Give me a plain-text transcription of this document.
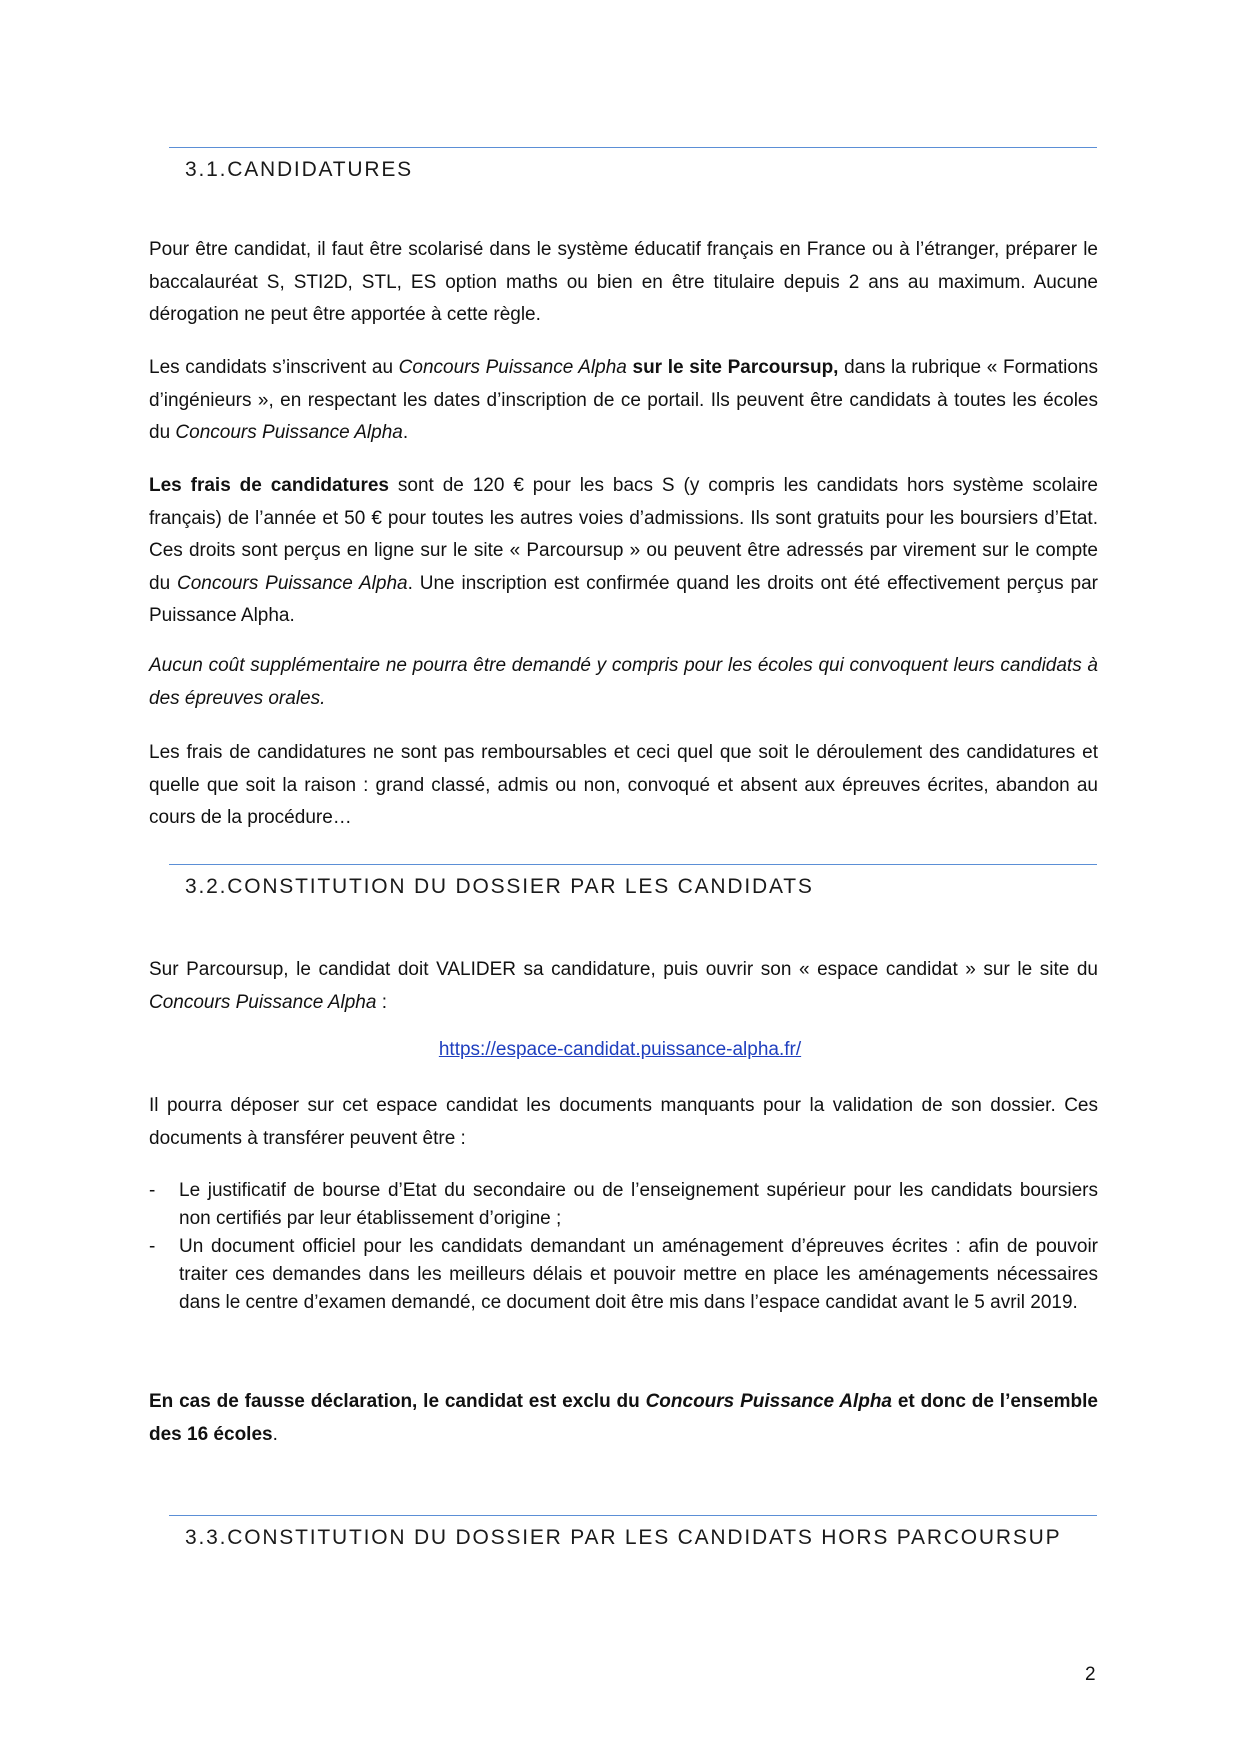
3.1.CANDIDATURES

Pour être candidat, il faut être scolarisé dans le système éducatif français en France ou à l’étranger, préparer le baccalauréat S, STI2D, STL, ES option maths ou bien en être titulaire depuis 2 ans au maximum. Aucune dérogation ne peut être apportée à cette règle.

Les candidats s’inscrivent au Concours Puissance Alpha sur le site Parcoursup, dans la rubrique « Formations d’ingénieurs », en respectant les dates d’inscription de ce portail. Ils peuvent être candidats à toutes les écoles du Concours Puissance Alpha.

Les frais de candidatures sont de 120 € pour les bacs S (y compris les candidats hors système scolaire français) de l’année et 50 € pour toutes les autres voies d’admissions. Ils sont gratuits pour les boursiers d’Etat. Ces droits sont perçus en ligne sur le site « Parcoursup » ou peuvent être adressés par virement sur le compte du Concours Puissance Alpha. Une inscription est confirmée quand les droits ont été effectivement perçus par Puissance Alpha.

Aucun coût supplémentaire ne pourra être demandé y compris pour les écoles qui convoquent leurs candidats à des épreuves orales.

Les frais de candidatures ne sont pas remboursables et ceci quel que soit le déroulement des candidatures et quelle que soit la raison : grand classé, admis ou non, convoqué et absent aux épreuves écrites, abandon au cours de la procédure…

3.2.CONSTITUTION DU DOSSIER PAR LES CANDIDATS

Sur Parcoursup, le candidat doit VALIDER sa candidature, puis ouvrir son « espace candidat » sur le site du Concours Puissance Alpha :

https://espace-candidat.puissance-alpha.fr/

Il pourra déposer sur cet espace candidat les documents manquants pour la validation de son dossier. Ces documents à transférer peuvent être :

- Le justificatif de bourse d’Etat du secondaire ou de l’enseignement supérieur pour les candidats boursiers non certifiés par leur établissement d’origine ;
- Un document officiel pour les candidats demandant un aménagement d’épreuves écrites : afin de pouvoir traiter ces demandes dans les meilleurs délais et pouvoir mettre en place les aménagements nécessaires dans le centre d’examen demandé, ce document doit être mis dans l’espace candidat avant le 5 avril 2019.

En cas de fausse déclaration, le candidat est exclu du Concours Puissance Alpha et donc de l’ensemble des 16 écoles.

3.3.CONSTITUTION DU DOSSIER PAR LES CANDIDATS HORS PARCOURSUP
2
